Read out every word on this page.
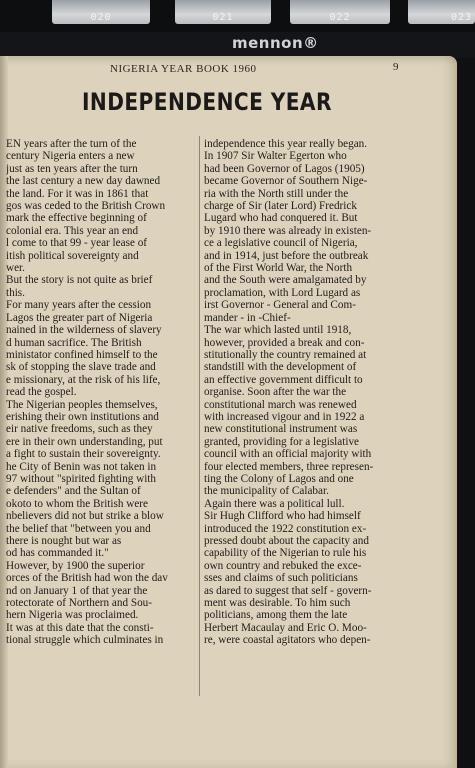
020	021	022	023
mennon®
NIGERIA YEAR BOOK 1960	9
INDEPENDENCE YEAR

EN years after the turn of the

century Nigeria enters a new

just as ten years after the turn

the last century a new day dawned

the land. For it was in 1861 that

gos was ceded to the British Crown

mark the effective beginning of

colonial era. This year an end

l come to that 99 - year lease of

itish political sovereignty and

wer.

But the story is not quite as brief

this.

For many years after the cession

Lagos the greater part of Nigeria

nained in the wilderness of slavery

d human sacrifice. The British

ministator confined himself to the

sk of stopping the slave trade and

e missionary, at the risk of his life,

read the gospel.

The Nigerian peoples themselves,

erishing their own institutions and

eir native freedoms, such as they

ere in their own understanding, put

a fight to sustain their sovereignty.

he City of Benin was not taken in

97 without "spirited fighting with

e defenders" and the Sultan of

okoto to whom the British were

nbelievers did not but strike a blow

the belief that "between you and

there is nought but war as

od has commanded it."

However, by 1900 the superior

orces of the British had won the dav

nd on January 1 of that year the

rotectorate of Northern and Sou-

hern Nigeria was proclaimed.

It was at this date that the consti-

tional struggle which culminates in

independence this year really began.

In 1907 Sir Walter Egerton who

had been Governor of Lagos (1905)

became Governor of Southern Nige-

ria with the North still under the

charge of Sir (later Lord) Fredrick

Lugard who had conquered it. But

by 1910 there was already in existen-

ce a legislative council of Nigeria,

and in 1914, just before the outbreak

of the First World War, the North

and the South were amalgamated by

proclamation, with Lord Lugard as

irst Governor - General and Com-

mander - in -Chief-

The war which lasted until 1918,

however, provided a break and con-

stitutionally the country remained at

standstill with the development of

an effective government difficult to

organise. Soon after the war the

constitutional march was renewed

with increased vigour and in 1922 a

new constitutional instrument was

granted, providing for a legislative

council with an official majority with

four elected members, three represen-

ting the Colony of Lagos and one

the municipality of Calabar.

Again there was a political lull.

Sir Hugh Clifford who had himself

introduced the 1922 constitution ex-

pressed doubt about the capacity and

capability of the Nigerian to rule his

own country and rebuked the exce-

sses and claims of such politicians

as dared to suggest that self - govern-

ment was desirable. To him such

politicians, among them the late

Herbert Macaulay and Eric O. Moo-

re, were coastal agitators who depen-
